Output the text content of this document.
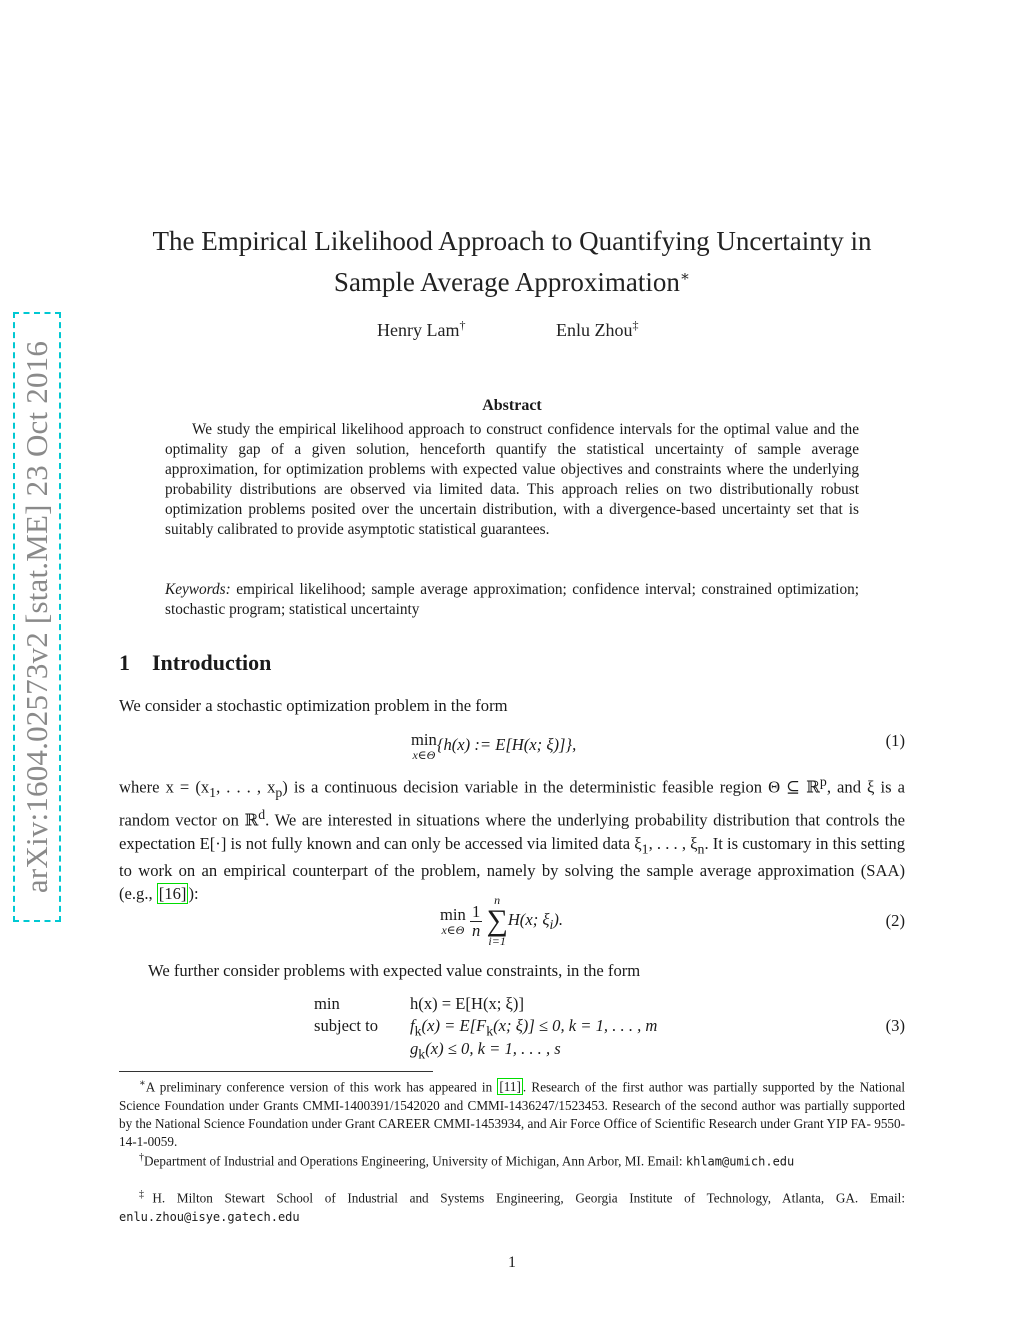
arXiv:1604.02573v2 [stat.ME] 23 Oct 2016
The Empirical Likelihood Approach to Quantifying Uncertainty in
Sample Average Approximation∗
Henry Lam†	Enlu Zhou‡
Abstract
We study the empirical likelihood approach to construct confidence intervals for the optimal value and the optimality gap of a given solution, henceforth quantify the statistical uncertainty of sample average approximation, for optimization problems with expected value objectives and constraints where the underlying probability distributions are observed via limited data. This approach relies on two distributionally robust optimization problems posited over the uncertain distribution, with a divergence-based uncertainty set that is suitably calibrated to provide asymptotic statistical guarantees.
Keywords: empirical likelihood; sample average approximation; confidence interval; constrained optimization; stochastic program; statistical uncertainty
1 Introduction
We consider a stochastic optimization problem in the form
min
x∈Θ
{h(x) := E[H(x; ξ)]},	(1)
where $x = (x_1$, . . . , $x_p$) is a continuous decision variable in the deterministic feasible region Θ ⊆ ℝ$^p$, and ξ is a random vector on ℝ$^d$. We are interested in situations where the underlying probability distribution that controls the expectation E[·] is not fully known and can only be accessed via limited data $\xi_1$, . . . , $\xi_n$. It is customary in this setting to work on an empirical counterpart of the problem, namely by solving the sample average approximation (SAA) (e.g., [16] ):
min
x∈Θ
$\frac{1}{n}$

n
∑
i=1
H(x; $\xi_i$).	(2)
We further consider problems with expected value constraints, in the form
min	h(x) = E[H(x; ξ)]
subject to $f_k(x) = E[F_k(x$; ξ)] ≤ 0, k = 1, . . . , m	(3)
$g_k(x) \le 0$, k = 1, . . . , s
∗A preliminary conference version of this work has appeared in [11] . Research of the first author was partially supported by the National Science Foundation under Grants CMMI-1400391/1542020 and CMMI-1436247/1523453. Research of the second author was partially supported by the National Science Foundation under Grant CAREER CMMI-1453934, and Air Force Office of Scientific Research under Grant YIP FA- 9550-14-1-0059.
†Department of Industrial and Operations Engineering, University of Michigan, Ann Arbor, MI. Email: khlam@umich.edu
‡H. Milton Stewart School of Industrial and Systems Engineering, Georgia Institute of Technology, Atlanta, GA. Email: enlu.zhou@isye.gatech.edu
1
